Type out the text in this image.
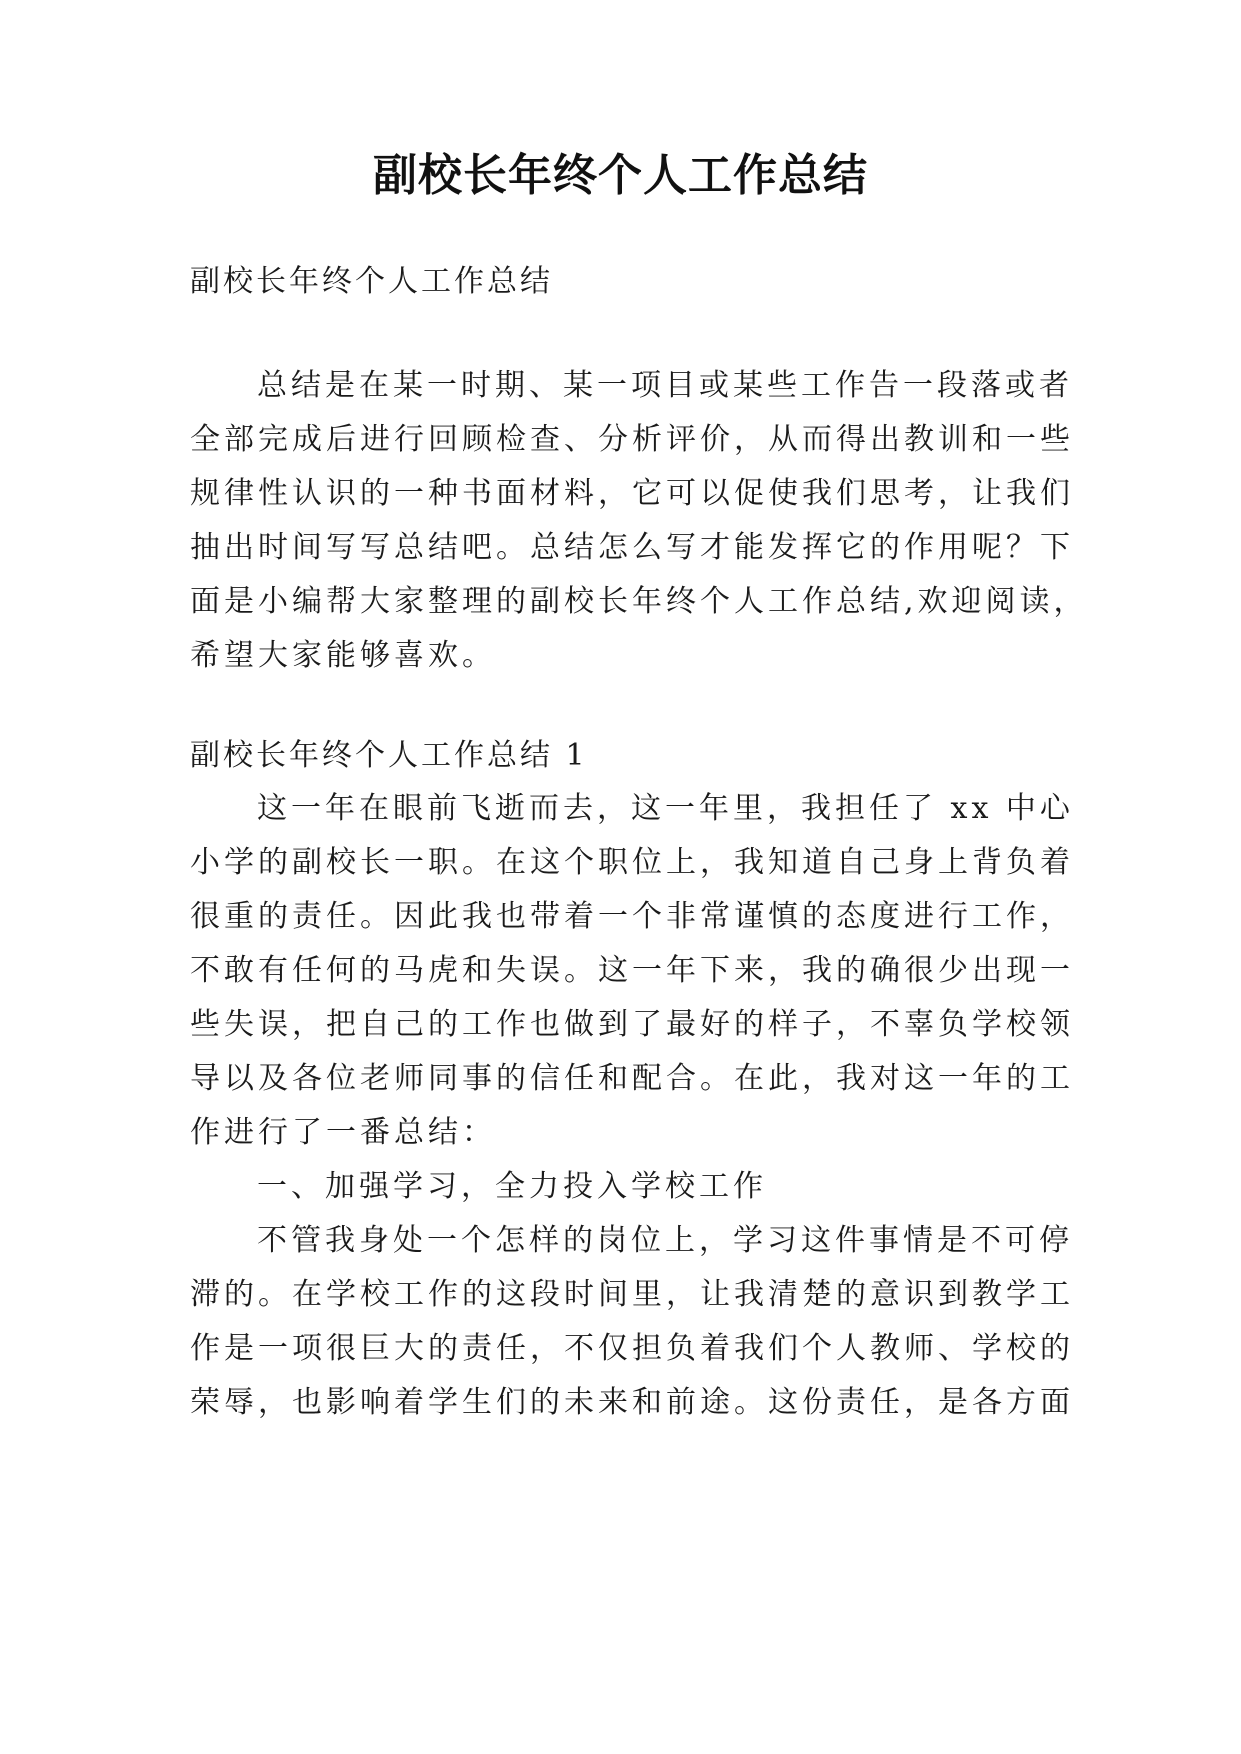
副校长年终个人工作总结

副校长年终个人工作总结

总结是在某一时期、某一项目或某些工作告一段落或者

全部完成后进行回顾检查、分析评价，从而得出教训和一些

规律性认识的一种书面材料，它可以促使我们思考，让我们

抽出时间写写总结吧。总结怎么写才能发挥它的作用呢？下

面是小编帮大家整理的副校长年终个人工作总结,欢迎阅读，

希望大家能够喜欢。

副校长年终个人工作总结 1

这一年在眼前飞逝而去，这一年里，我担任了 xx 中心

小学的副校长一职。在这个职位上，我知道自己身上背负着

很重的责任。因此我也带着一个非常谨慎的态度进行工作，

不敢有任何的马虎和失误。这一年下来，我的确很少出现一

些失误，把自己的工作也做到了最好的样子，不辜负学校领

导以及各位老师同事的信任和配合。在此，我对这一年的工

作进行了一番总结：

一、加强学习，全力投入学校工作

不管我身处一个怎样的岗位上，学习这件事情是不可停

滞的。在学校工作的这段时间里，让我清楚的意识到教学工

作是一项很巨大的责任，不仅担负着我们个人教师、学校的

荣辱，也影响着学生们的未来和前途。这份责任，是各方面
